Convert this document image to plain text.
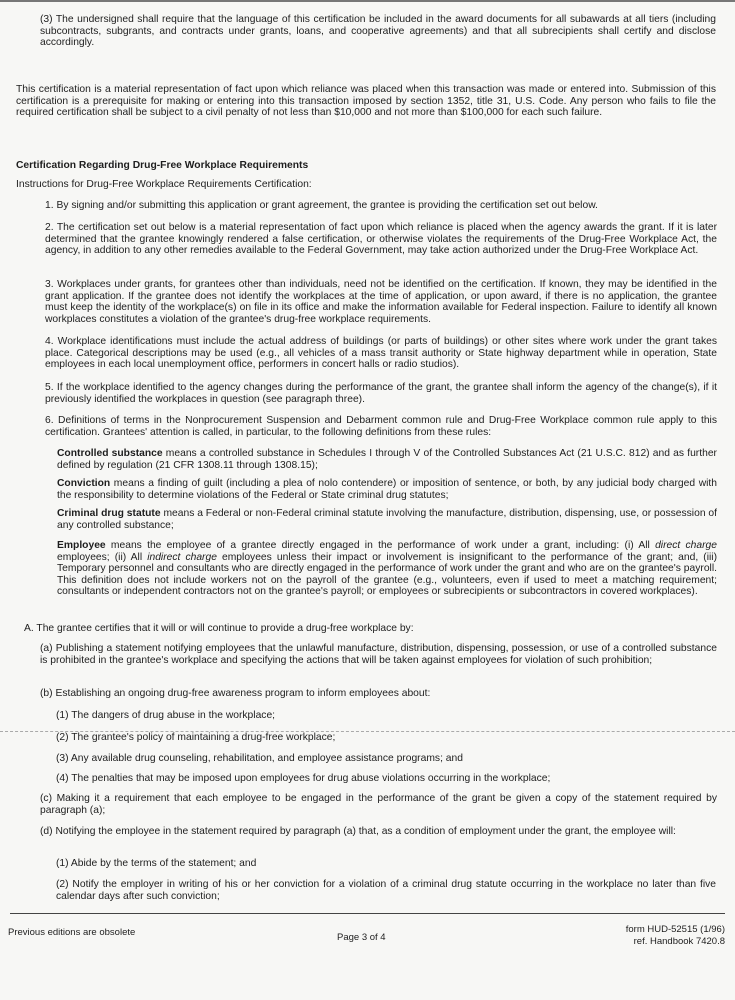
(3) The undersigned shall require that the language of this certification be included in the award documents for all subawards at all tiers (including subcontracts, subgrants, and contracts under grants, loans, and cooperative agreements) and that all subrecipients shall certify and disclose accordingly.

This certification is a material representation of fact upon which reliance was placed when this transaction was made or entered into. Submission of this certification is a prerequisite for making or entering into this transaction imposed by section 1352, title 31, U.S. Code. Any person who fails to file the required certification shall be subject to a civil penalty of not less than $10,000 and not more than $100,000 for each such failure.

Certification Regarding Drug-Free Workplace Requirements
Instructions for Drug-Free Workplace Requirements Certification:

1. By signing and/or submitting this application or grant agreement, the grantee is providing the certification set out below.

2. The certification set out below is a material representation of fact upon which reliance is placed when the agency awards the grant. If it is later determined that the grantee knowingly rendered a false certification, or otherwise violates the requirements of the Drug-Free Workplace Act, the agency, in addition to any other remedies available to the Federal Government, may take action authorized under the Drug-Free Workplace Act.

3. Workplaces under grants, for grantees other than individuals, need not be identified on the certification. If known, they may be identified in the grant application. If the grantee does not identify the workplaces at the time of application, or upon award, if there is no application, the grantee must keep the identity of the workplace(s) on file in its office and make the information available for Federal inspection. Failure to identify all known workplaces constitutes a violation of the grantee's drug-free workplace requirements.

4. Workplace identifications must include the actual address of buildings (or parts of buildings) or other sites where work under the grant takes place. Categorical descriptions may be used (e.g., all vehicles of a mass transit authority or State highway department while in operation, State employees in each local unemployment office, performers in concert halls or radio studios).

5. If the workplace identified to the agency changes during the performance of the grant, the grantee shall inform the agency of the change(s), if it previously identified the workplaces in question (see paragraph three).

6. Definitions of terms in the Nonprocurement Suspension and Debarment common rule and Drug-Free Workplace common rule apply to this certification. Grantees' attention is called, in particular, to the following definitions from these rules:

Controlled substance means a controlled substance in Schedules I through V of the Controlled Substances Act (21 U.S.C. 812) and as further defined by regulation (21 CFR 1308.11 through 1308.15);

Conviction means a finding of guilt (including a plea of nolo contendere) or imposition of sentence, or both, by any judicial body charged with the responsibility to determine violations of the Federal or State criminal drug statutes;

Criminal drug statute means a Federal or non-Federal criminal statute involving the manufacture, distribution, dispensing, use, or possession of any controlled substance;

Employee means the employee of a grantee directly engaged in the performance of work under a grant, including: (i) All direct charge employees; (ii) All indirect charge employees unless their impact or involvement is insignificant to the performance of the grant; and, (iii) Temporary personnel and consultants who are directly engaged in the performance of work under the grant and who are on the grantee's payroll. This definition does not include workers not on the payroll of the grantee (e.g., volunteers, even if used to meet a matching requirement; consultants or independent contractors not on the grantee's payroll; or employees or subrecipients or subcontractors in covered workplaces).

A. The grantee certifies that it will or will continue to provide a drug-free workplace by:

(a) Publishing a statement notifying employees that the unlawful manufacture, distribution, dispensing, possession, or use of a controlled substance is prohibited in the grantee's workplace and specifying the actions that will be taken against employees for violation of such prohibition;

(b) Establishing an ongoing drug-free awareness program to inform employees about:

(1) The dangers of drug abuse in the workplace;

(2) The grantee's policy of maintaining a drug-free workplace;

(3) Any available drug counseling, rehabilitation, and employee assistance programs; and

(4) The penalties that may be imposed upon employees for drug abuse violations occurring in the workplace;

(c) Making it a requirement that each employee to be engaged in the performance of the grant be given a copy of the statement required by paragraph (a);

(d) Notifying the employee in the statement required by paragraph (a) that, as a condition of employment under the grant, the employee will:

(1) Abide by the terms of the statement; and

(2) Notify the employer in writing of his or her conviction for a violation of a criminal drug statute occurring in the workplace no later than five calendar days after such conviction;

Previous editions are obsolete	Page 3 of 4
form HUD-52515 (1/96)
ref. Handbook 7420.8
